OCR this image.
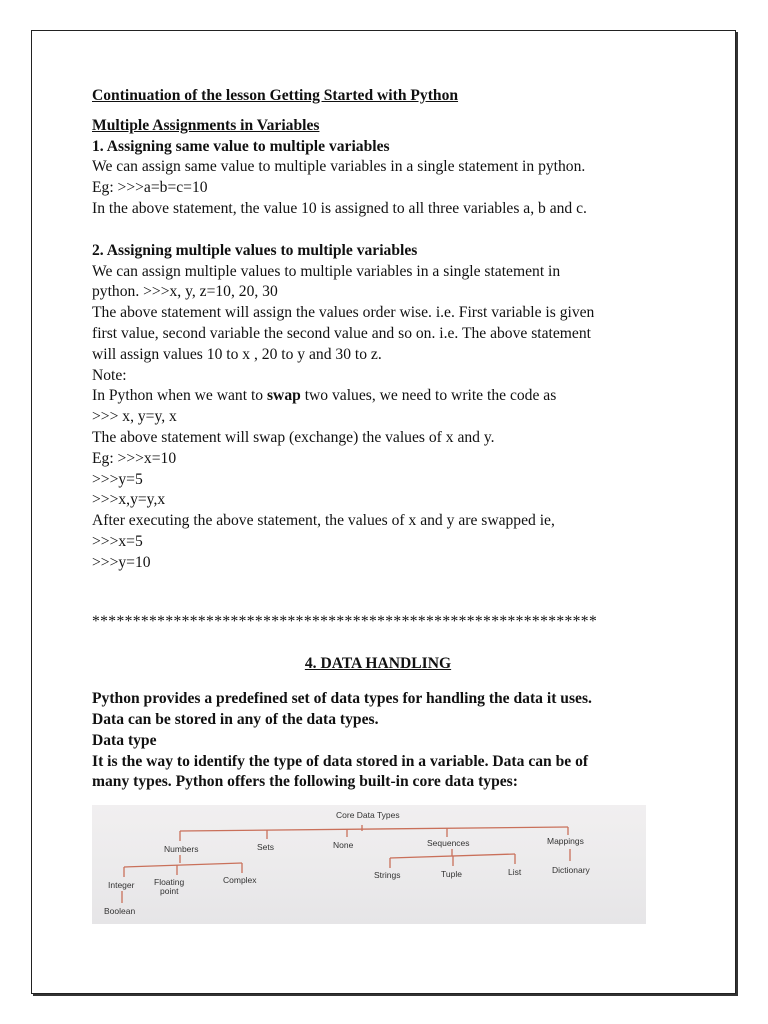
Continuation of the lesson Getting Started with Python

Multiple Assignments in Variables

1. Assigning same value to multiple variables

We can assign same value to multiple variables in a single statement in python.

Eg: >>>a=b=c=10

In the above statement, the value 10 is assigned to all three variables a, b and c.

2. Assigning multiple values to multiple variables

We can assign multiple values to multiple variables in a single statement in

python. >>>x, y, z=10, 20, 30

The above statement will assign the values order wise. i.e. First variable is given

first value, second variable the second value and so on. i.e. The above statement

will assign values 10 to x , 20 to y and 30 to z.

Note:

In Python when we want to swap two values, we need to write the code as

>>> x, y=y, x

The above statement will swap (exchange) the values of x and y.

Eg: >>>x=10

>>>y=5

>>>x,y=y,x

After executing the above statement, the values of x and y are swapped ie,

>>>x=5

>>>y=10

**************************************************************

4. DATA HANDLING

Python provides a predefined set of data types for handling the data it uses.

Data can be stored in any of the data types.

Data type

It is the way to identify the type of data stored in a variable. Data can be of

many types. Python offers the following built-in core data types:

Core Data Types
Numbers	Sets	None	Sequences	Mappings
Integer Floating
point
Complex	Strings	Tuple	List	Dictionary
Boolean
